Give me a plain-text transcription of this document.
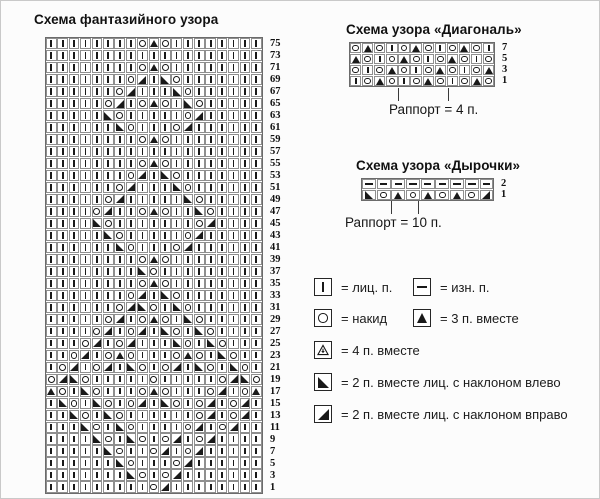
Схема фантазийного узора
75
73
71
69
67
65
63
61
59
57
55
53
51
49
47
45
43
41
39
37
35
33
31
29
27
25
23
21
19
17
15
13
11
9
7
5
3
1
Схема узора «Диагональ»
7
5
3
1
Раппорт = 4 п.
Схема узора «Дырочки»
2
1
Раппорт = 10 п.
= лиц. п.	= изн. п.
= накид	= 3 п. вместе
= 4 п. вместе
= 2 п. вместе лиц. с наклоном влево
= 2 п. вместе лиц. с наклоном вправо
